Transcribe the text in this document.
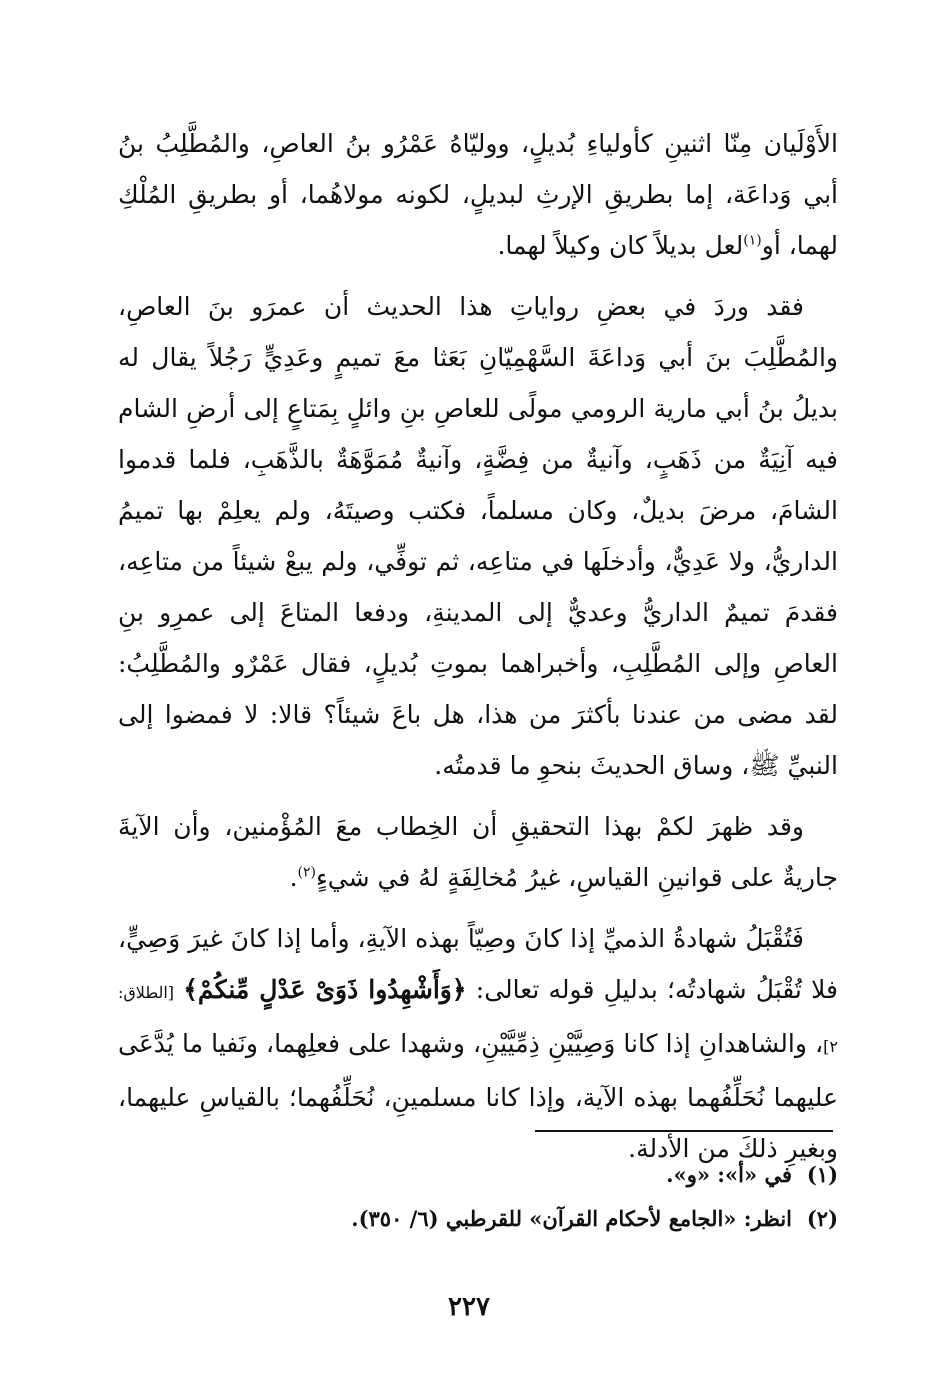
الأَوْلَيان مِنّا اثنينِ كأولياءِ بُديلٍ، ووليّاهُ عَمْرُو بنُ العاصِ، والمُطَّلِبُ بنُ أبي وَداعَة، إما بطريقِ الإرثِ لبديلٍ، لكونه مولاهُما، أو بطريقِ المُلْكِ لهما، أو$^{(١)}$لعل بديلاً كان وكيلاً لهما.

فقد وردَ في بعضِ رواياتِ هذا الحديث أن عمرَو بنَ العاصِ، والمُطَّلِبَ بنَ أبي وَداعَةَ السَّهْمِيّانِ بَعَثا معَ تميمٍ وعَدِيٍّ رَجُلاً يقال له بديلُ بنُ أبي مارية الرومي مولًى للعاصِ بنِ وائلٍ بِمَتاعٍ إلى أرضِ الشام فيه آنِيَةٌ من ذَهَبٍ، وآنيةٌ من فِضَّةٍ، وآنيةٌ مُمَوَّهَةٌ بالذَّهَبِ، فلما قدموا الشامَ، مرضَ بديلٌ، وكان مسلماً، فكتب وصيتَهُ، ولم يعلِمْ بها تميمُ الداريُّ، ولا عَدِيٌّ، وأدخلَها في متاعِه، ثم توفِّي، ولم يبعْ شيئاً من متاعِه، فقدمَ تميمٌ الداريُّ وعديٌّ إلى المدينةِ، ودفعا المتاعَ إلى عمرِو بنِ العاصِ وإلى المُطَّلِبِ، وأخبراهما بموتِ بُديلٍ، فقال عَمْرٌو والمُطَّلِبُ: لقد مضى من عندنا بأكثرَ من هذا، هل باعَ شيئاً؟ قالا: لا فمضوا إلى النبيِّ ﷺ، وساق الحديثَ بنحوِ ما قدمتُه.

وقد ظهرَ لكمْ بهذا التحقيقِ أن الخِطاب معَ المُؤْمنين، وأن الآيةَ جاريةٌ على قوانينِ القياسِ، غيرُ مُخالِفَةٍ لهُ في شيءٍ$^{(٢)}$.

فَتُقْبَلُ شهادةُ الذميِّ إذا كانَ وصِيّاً بهذه الآيةِ، وأما إذا كانَ غيرَ وَصِيٍّ، فلا تُقْبَلُ شهادتُه؛ بدليلِ قوله تعالى: ﴿وَأَشْهِدُوا ذَوَىْ عَدْلٍ مِّنكُمْ﴾ [الطلاق: ٢]، والشاهدانِ إذا كانا وَصِيَّيْنِ ذِمِّيَّيْنِ، وشهدا على فعلِهما، ونَفيا ما يُدَّعَى عليهما نُحَلِّفُهما بهذه الآية، وإذا كانا مسلمينِ، نُحَلِّفُهما؛ بالقياسِ عليهما، وبغيرِ ذلكَ من الأدلة.

(١)
في «أ»: «و».
(٢)
انظر: «الجامع لأحكام القرآن» للقرطبي (٦/ ٣٥٠).
٢٢٧
